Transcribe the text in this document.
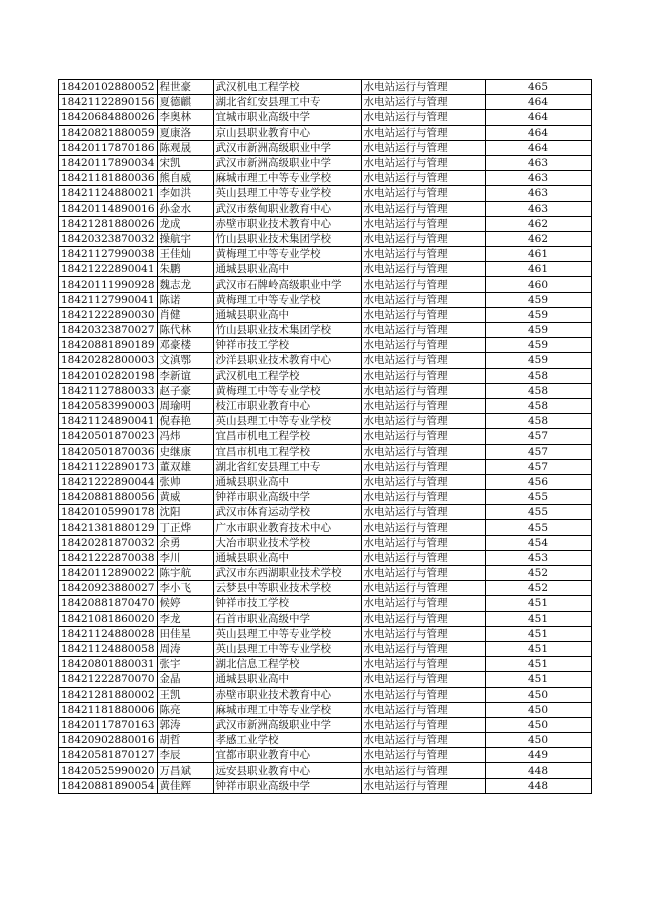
18420102880052	程世豪	武汉机电工程学校	水电站运行与管理	465
18421122890156	夏德麒	湖北省红安县理工中专	水电站运行与管理	464
18420684880026	李奥林	宜城市职业高级中学	水电站运行与管理	464
18420821880059	夏康洛	京山县职业教育中心	水电站运行与管理	464
18420117870186	陈观晟	武汉市新洲高级职业中学	水电站运行与管理	464
18420117890034	宋凯	武汉市新洲高级职业中学	水电站运行与管理	463
18421181880036	熊自威	麻城市理工中等专业学校	水电站运行与管理	463
18421124880021	李如洪	英山县理工中等专业学校	水电站运行与管理	463
18420114890016	孙金水	武汉市蔡甸职业教育中心	水电站运行与管理	463
18421281880026	龙成	赤壁市职业技术教育中心	水电站运行与管理	462
18420323870032	操航宇	竹山县职业技术集团学校	水电站运行与管理	462
18421127990038	王佳灿	黄梅理工中等专业学校	水电站运行与管理	461
18421222890041	朱鹏	通城县职业高中	水电站运行与管理	461
18420111990928	魏志龙	武汉市石牌岭高级职业中学	水电站运行与管理	460
18421127990041	陈诺	黄梅理工中等专业学校	水电站运行与管理	459
18421222890030	肖健	通城县职业高中	水电站运行与管理	459
18420323870027	陈代林	竹山县职业技术集团学校	水电站运行与管理	459
18420881890189	邓豪楼	钟祥市技工学校	水电站运行与管理	459
18420282800003	文滇鄂	沙洋县职业技术教育中心	水电站运行与管理	459
18420102820198	李新谊	武汉机电工程学校	水电站运行与管理	458
18421127880033	赵子豪	黄梅理工中等专业学校	水电站运行与管理	458
18420583990003	周瑜明	枝江市职业教育中心	水电站运行与管理	458
18421124890041	倪春艳	英山县理工中等专业学校	水电站运行与管理	458
18420501870023	冯炜	宜昌市机电工程学校	水电站运行与管理	457
18420501870036	史继康	宜昌市机电工程学校	水电站运行与管理	457
18421122890173	董双雄	湖北省红安县理工中专	水电站运行与管理	457
18421222890044	张帅	通城县职业高中	水电站运行与管理	456
18420881880056	黄威	钟祥市职业高级中学	水电站运行与管理	455
18420105990178	沈阳	武汉市体育运动学校	水电站运行与管理	455
18421381880129	丁正烨	广水市职业教育技术中心	水电站运行与管理	455
18420281870032	余勇	大冶市职业技术学校	水电站运行与管理	454
18421222870038	李川	通城县职业高中	水电站运行与管理	453
18420112890022	陈宇航	武汉市东西湖职业技术学校	水电站运行与管理	452
18420923880027	李小飞	云梦县中等职业技术学校	水电站运行与管理	452
18420881870470	候婷	钟祥市技工学校	水电站运行与管理	451
18421081860020	李龙	石首市职业高级中学	水电站运行与管理	451
18421124880028	田佳星	英山县理工中等专业学校	水电站运行与管理	451
18421124880058	周涛	英山县理工中等专业学校	水电站运行与管理	451
18420801880031	张宇	湖北信息工程学校	水电站运行与管理	451
18421222870070	金晶	通城县职业高中	水电站运行与管理	451
18421281880002	王凯	赤壁市职业技术教育中心	水电站运行与管理	450
18421181880006	陈亮	麻城市理工中等专业学校	水电站运行与管理	450
18420117870163	郭涛	武汉市新洲高级职业中学	水电站运行与管理	450
18420902880016	胡哲	孝感工业学校	水电站运行与管理	450
18420581870127	李辰	宜都市职业教育中心	水电站运行与管理	449
18420525990020	万昌斌	远安县职业教育中心	水电站运行与管理	448
18420881890054	黄佳辉	钟祥市职业高级中学	水电站运行与管理	448
